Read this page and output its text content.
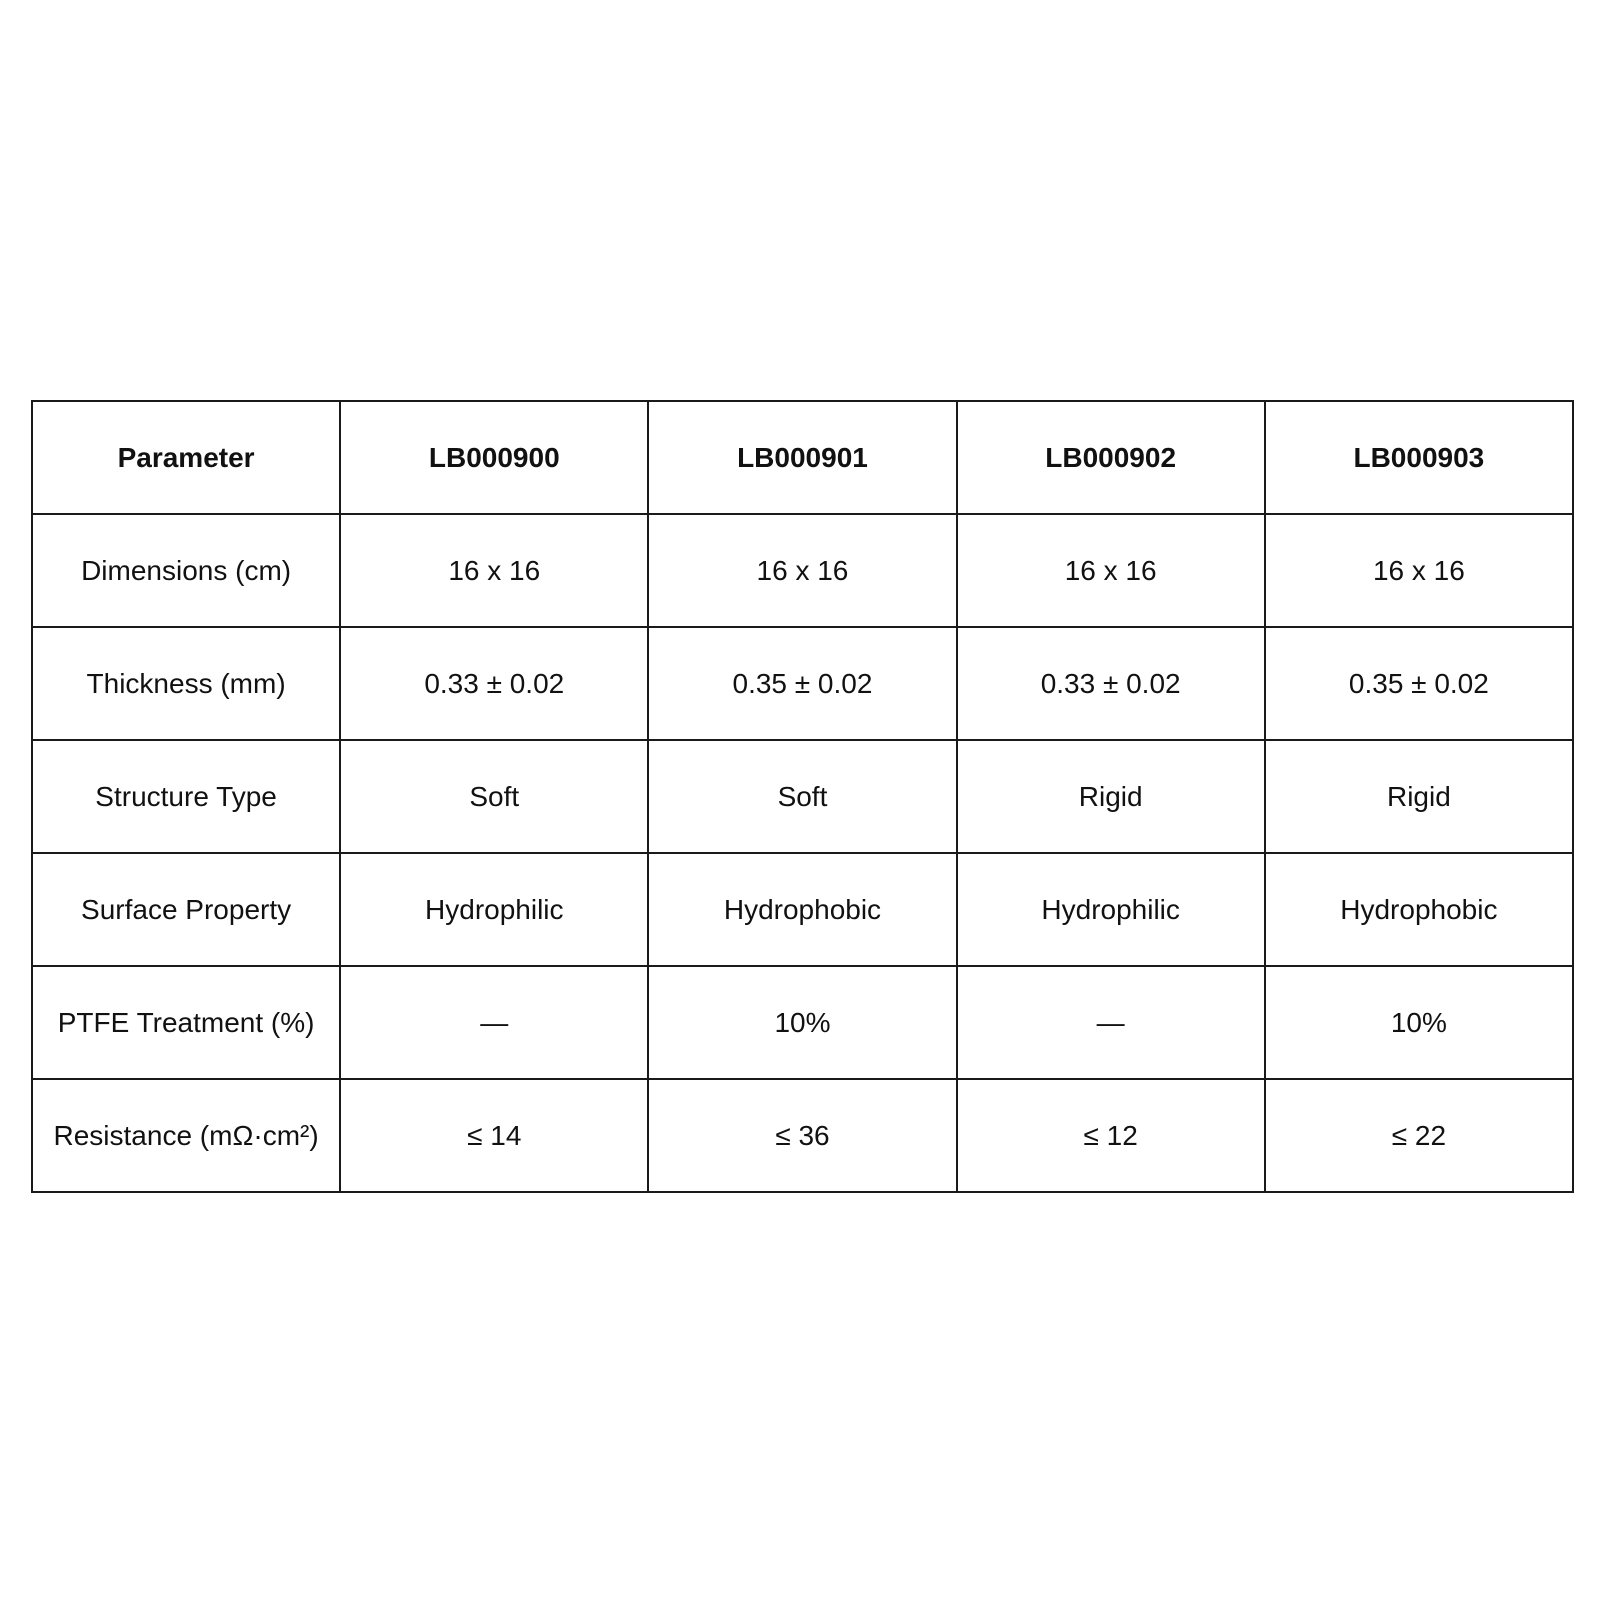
Parameter	LB000900	LB000901	LB000902	LB000903
Dimensions (cm)	16 x 16	16 x 16	16 x 16	16 x 16
Thickness (mm)	0.33 ± 0.02	0.35 ± 0.02	0.33 ± 0.02	0.35 ± 0.02
Structure Type	Soft	Soft	Rigid	Rigid
Surface Property	Hydrophilic	Hydrophobic	Hydrophilic	Hydrophobic
PTFE Treatment (%)	—	10%	—	10%
Resistance (mΩ·cm²)	≤ 14	≤ 36	≤ 12	≤ 22
